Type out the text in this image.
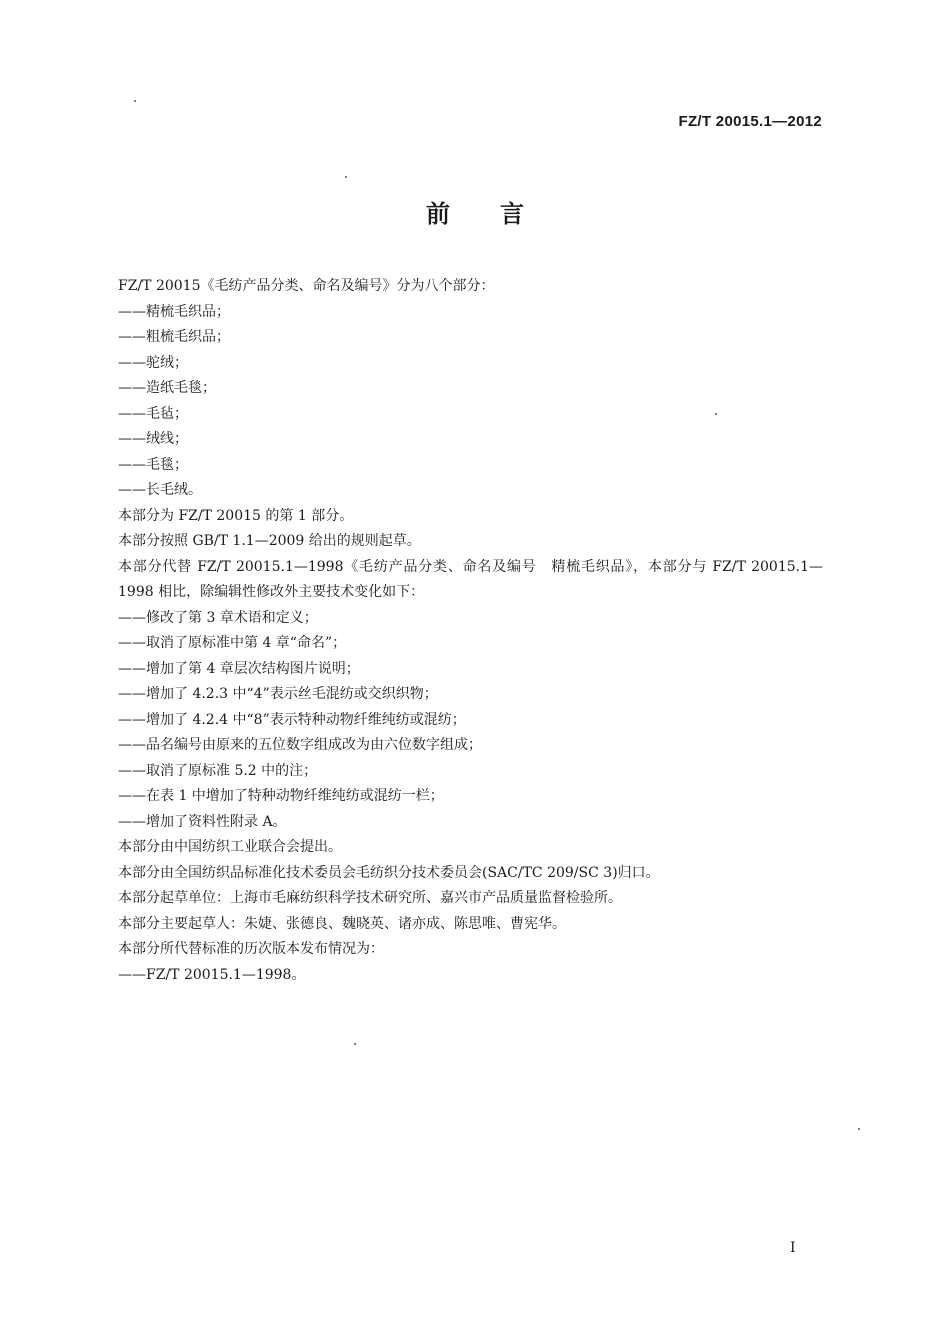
FZ/T 20015.1—2012
前言
FZ/T 20015《毛纺产品分类、命名及编号》分为八个部分：
——精梳毛织品；
——粗梳毛织品；
——驼绒；
——造纸毛毯；
——毛毡；
——绒线；
——毛毯；
——长毛绒。
本部分为 FZ/T 20015 的第 1 部分。
本部分按照 GB/T 1.1—2009 给出的规则起草。
本部分代替 FZ/T 20015.1—1998《毛纺产品分类、命名及编号　精梳毛织品》，本部分与 FZ/T 20015.1—1998 相比，除编辑性修改外主要技术变化如下：
——修改了第 3 章术语和定义；
——取消了原标准中第 4 章“命名”；
——增加了第 4 章层次结构图片说明；
——增加了 4.2.3 中“4”表示丝毛混纺或交织织物；
——增加了 4.2.4 中“8”表示特种动物纤维纯纺或混纺；
——品名编号由原来的五位数字组成改为由六位数字组成；
——取消了原标准 5.2 中的注；
——在表 1 中增加了特种动物纤维纯纺或混纺一栏；
——增加了资料性附录 A。
本部分由中国纺织工业联合会提出。
本部分由全国纺织品标准化技术委员会毛纺织分技术委员会(SAC/TC 209/SC 3)归口。
本部分起草单位：上海市毛麻纺织科学技术研究所、嘉兴市产品质量监督检验所。
本部分主要起草人：朱婕、张德良、魏晓英、诸亦成、陈思唯、曹宪华。
本部分所代替标准的历次版本发布情况为：
——FZ/T 20015.1—1998。
I
